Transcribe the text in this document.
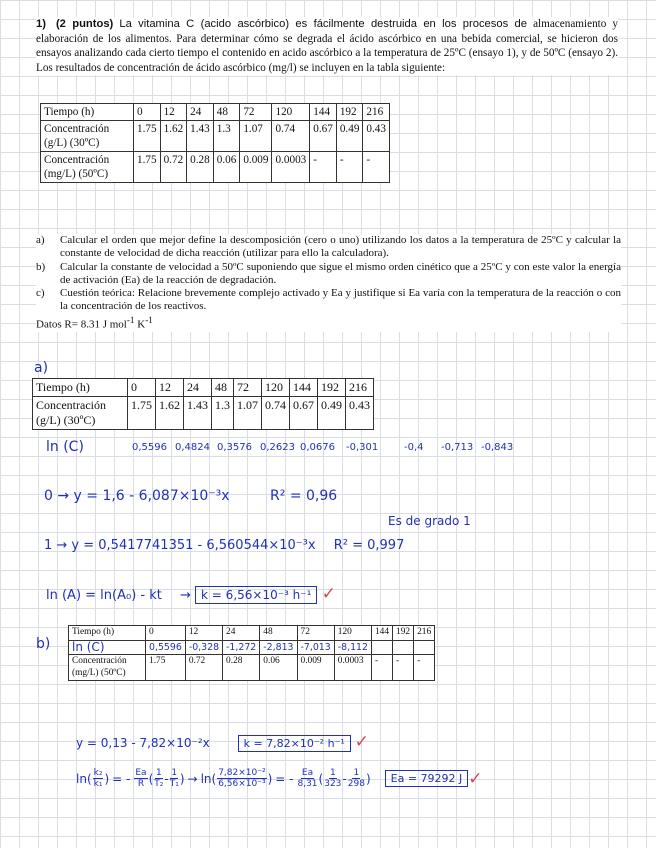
1) (2 puntos) La vitamina C (acido ascórbico) es fácilmente destruida en los procesos de almacenamiento y elaboración de los alimentos. Para determinar cómo se degrada el ácido ascórbico en una bebida comercial, se hicieron dos ensayos analizando cada cierto tiempo el contenido en acido ascórbico a la temperatura de 25ºC (ensayo 1), y de 50ºC (ensayo 2). Los resultados de concentración de ácido ascórbico (mg/l) se incluyen en la tabla siguiente:
Tiempo (h)	0	12	24	48	72	120	144	192	216
Concentración (g/L) (30ºC)	1.75	1.62	1.43	1.3	1.07	0.74	0.67	0.49	0.43
Concentración (mg/L) (50ºC)	1.75	0.72	0.28	0.06	0.009	0.0003	-	-	-
a)	Calcular el orden que mejor define la descomposición (cero o uno) utilizando los datos a la temperatura de 25ºC y calcular la constante de velocidad de dicha reacción (utilizar para ello la calculadora).
b)	Calcular la constante de velocidad a 50ºC suponiendo que sigue el mismo orden cinético que a 25ºC y con este valor la energía de activación (Ea) de la reacción de degradación.
c)	Cuestión teórica: Relacione brevemente complejo activado y Ea y justifique si Ea varía con la temperatura de la reacción o con la concentración de los reactivos.
Datos R= 8.31 J mol$^{-1}$ $K^{-1}$
a)
Tiempo (h)	0	12	24	48	72	120	144	192	216
Concentración (g/L) (30ºC)	1.75	1.62	1.43	1.3	1.07	0.74	0.67	0.49	0.43
ln (C)	0,5596 0,4824 0,3576 0,2623 0,0676 -0,301	-0,4 -0,713 -0,843
0 → y = 1,6 - 6,087×10⁻³x	R² = 0,96
Es de grado 1
1 → y = 0,5417741351 - 6,560544×10⁻³x R² = 0,997
ln (A) = ln(A₀) - kt → k = 6,56×10⁻³ h⁻¹ ✓
b)
Tiempo (h)	0	12	24	48	72	120	144	192	216
ln (C)	0,5596	-0,328	-1,272	-2,813	-7,013	-8,112			
Concentración (mg/L) (50ºC)	1.75	0.72	0.28	0.06	0.009	0.0003	-	-	-
y = 0,13 - 7,82×10⁻²x	k = 7,82×10⁻² h⁻¹ ✓
ln ( $\frac{\text{k₂}}{\text{k₁}}$ ) = - $\frac{Ea}{R}$ ( $\frac{1}{\text{T₂}} - \frac{1}{\text{T₁}}$ ) → ln ( $\frac{\text{7,82×10⁻²}}{\text{6,56×10⁻³}}$ ) = - $\frac{Ea}{8,31}$ ( $\frac{1}{323} - \frac{1}{298}$ )	Ea = 79292 J ✓
